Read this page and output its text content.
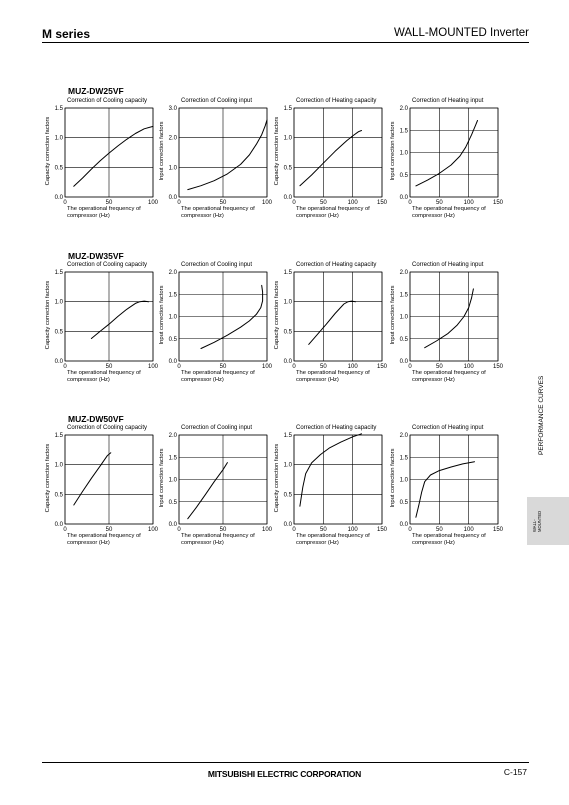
M series	WALL-MOUNTED Inverter
MUZ-DW25VF
MUZ-DW35VF
MUZ-DW50VF
Correction of Cooling capacity
Capacity correction factors
The operational frequency of compressor (Hz)
0.0
0.5
1.0
1.5
0	50	100
Correction of Cooling input
Input correction factors
The operational frequency of compressor (Hz)
0.0
1.0
2.0
3.0
0	50	100
Correction of Heating capacity
Capacity correction factors
The operational frequency of compressor (Hz)
0.0
0.5
1.0
1.5
0	50	100	150
Correction of Heating input
Input correction factors
The operational frequency of compressor (Hz)
0.0
0.5
1.0
1.5
2.0
0	50	100	150
Correction of Cooling capacity
Capacity correction factors
The operational frequency of compressor (Hz)
0.0
0.5
1.0
1.5
0	50	100
Correction of Cooling input
Input correction factors
The operational frequency of compressor (Hz)
0.0
0.5
1.0
1.5
2.0
0	50	100
Correction of Heating capacity
Capacity correction factors
The operational frequency of compressor (Hz)
0.0
0.5
1.0
1.5
0	50	100	150
Correction of Heating input
Input correction factors
The operational frequency of compressor (Hz)
0.0
0.5
1.0
1.5
2.0
0	50	100	150
Correction of Cooling capacity
Capacity correction factors
The operational frequency of compressor (Hz)
0.0
0.5
1.0
1.5
0	50	100
Correction of Cooling input
Input correction factors
The operational frequency of compressor (Hz)
0.0
0.5
1.0
1.5
2.0
0	50	100
Correction of Heating capacity
Capacity correction factors
The operational frequency of compressor (Hz)
0.0
0.5
1.0
1.5
0	50	100	150
Correction of Heating input
Input correction factors
The operational frequency of compressor (Hz)
0.0
0.5
1.0
1.5
2.0
0	50	100	150
PERFORMANCE CURVES
WALL- MOUNTED
MITSUBISHI ELECTRIC CORPORATION	C-157
